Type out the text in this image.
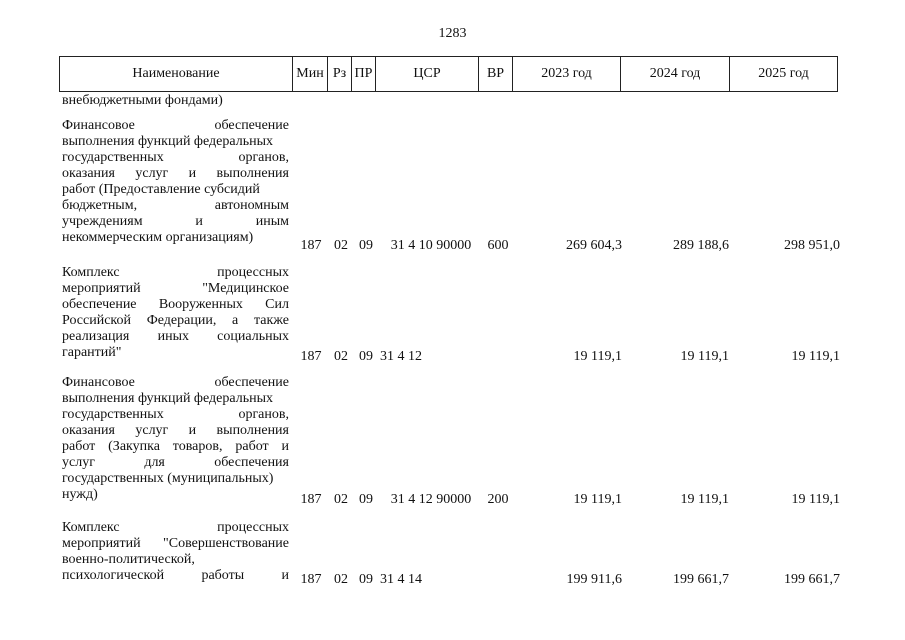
1283
Наименование	Мин	Рз	ПР	ЦСР	ВР	2023 год	2024 год	2025 год
внебюджетными фондами)
Финансовое обеспечение
выполнения функций федеральных
государственных органов,
оказания услуг и выполнения
работ (Предоставление субсидий
бюджетным, автономным
учреждениям и иным
некоммерческим организациям)
187 02 09	31 4 10 90000	600	269 604,3	289 188,6	298 951,0
Комплекс процессных
мероприятий "Медицинское
обеспечение Вооруженных Сил
Российской Федерации, а также
реализация иных социальных
гарантий"	187 02 09 31 4 12	19 119,1	19 119,1	19 119,1
Финансовое обеспечение
выполнения функций федеральных
государственных органов,
оказания услуг и выполнения
работ (Закупка товаров, работ и
услуг для обеспечения
государственных (муниципальных)
нужд)	187 02 09	31 4 12 90000	200	19 119,1	19 119,1	19 119,1
Комплекс процессных
мероприятий "Совершенствование
военно-политической,
психологической работы и 187 02 09 31 4 14	199 911,6	199 661,7	199 661,7
